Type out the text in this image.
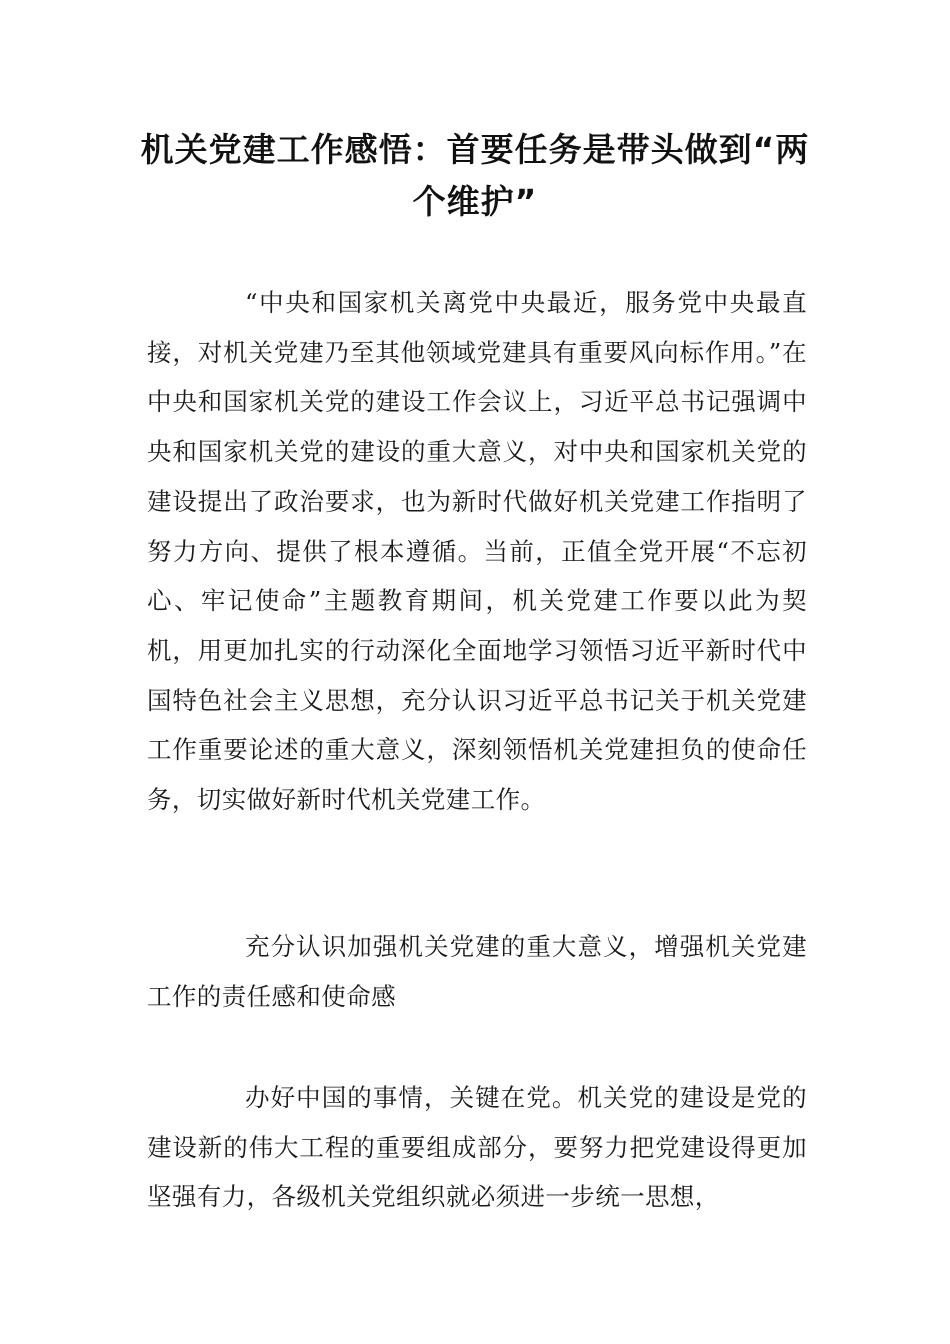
机关党建工作感悟：首要任务是带头做到“两个维护”

“中央和国家机关离党中央最近，服务党中央最直接，对机关党建乃至其他领域党建具有重要风向标作用。”在中央和国家机关党的建设工作会议上，习近平总书记强调中央和国家机关党的建设的重大意义，对中央和国家机关党的建设提出了政治要求，也为新时代做好机关党建工作指明了努力方向、提供了根本遵循。当前，正值全党开展“不忘初心、牢记使命”主题教育期间，机关党建工作要以此为契机，用更加扎实的行动深化全面地学习领悟习近平新时代中国特色社会主义思想，充分认识习近平总书记关于机关党建工作重要论述的重大意义，深刻领悟机关党建担负的使命任务，切实做好新时代机关党建工作。

充分认识加强机关党建的重大意义，增强机关党建工作的责任感和使命感

办好中国的事情，关键在党。机关党的建设是党的建设新的伟大工程的重要组成部分，要努力把党建设得更加坚强有力，各级机关党组织就必须进一步统一思想，
